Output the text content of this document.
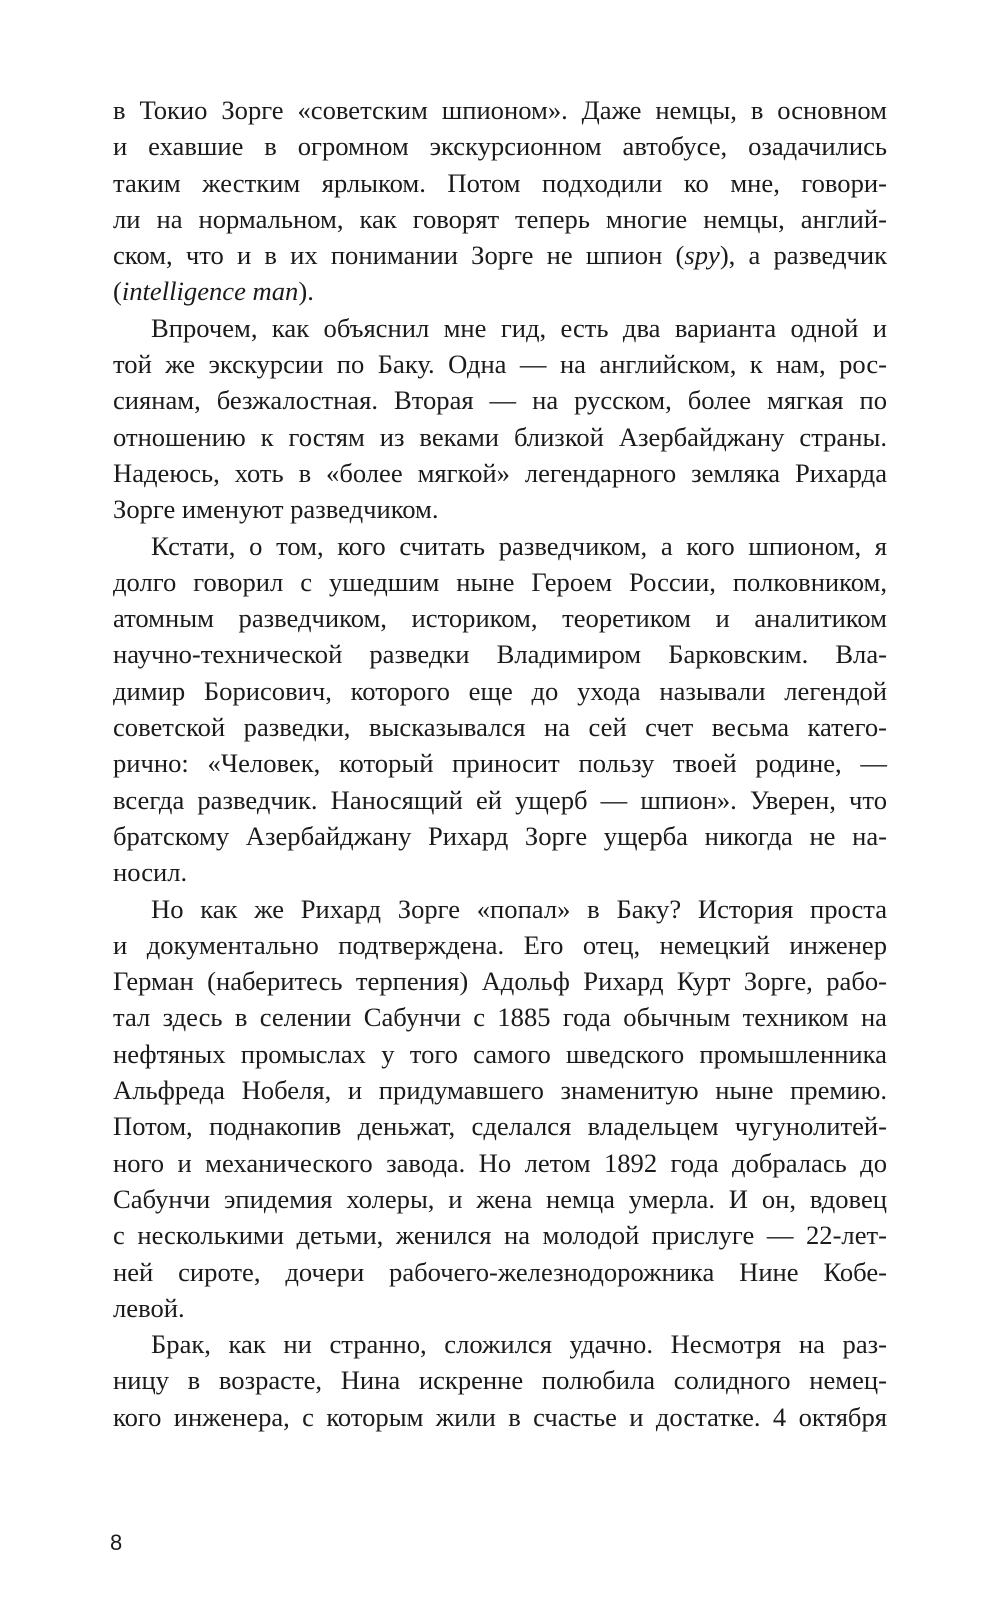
в Токио Зорге «советским шпионом». Даже немцы, в основном
и ехавшие в огромном экскурсионном автобусе, озадачились
таким жестким ярлыком. Потом подходили ко мне, говори-
ли на нормальном, как говорят теперь многие немцы, англий-
ском, что и в их понимании Зорге не шпион (spy), а разведчик
(intelligence man).
Впрочем, как объяснил мне гид, есть два варианта одной и
той же экскурсии по Баку. Одна — на английском, к нам, рос-
сиянам, безжалостная. Вторая — на русском, более мягкая по
отношению к гостям из веками близкой Азербайджану страны.
Надеюсь, хоть в «более мягкой» легендарного земляка Рихарда
Зорге именуют разведчиком.
Кстати, о том, кого считать разведчиком, а кого шпионом, я
долго говорил с ушедшим ныне Героем России, полковником,
атомным разведчиком, историком, теоретиком и аналитиком
научно-технической разведки Владимиром Барковским. Вла-
димир Борисович, которого еще до ухода называли легендой
советской разведки, высказывался на сей счет весьма катего-
рично: «Человек, который приносит пользу твоей родине, —
всегда разведчик. Наносящий ей ущерб — шпион». Уверен, что
братскому Азербайджану Рихард Зорге ущерба никогда не на-
носил.
Но как же Рихард Зорге «попал» в Баку? История проста
и документально подтверждена. Его отец, немецкий инженер
Герман (наберитесь терпения) Адольф Рихард Курт Зорге, рабо-
тал здесь в селении Сабунчи с 1885 года обычным техником на
нефтяных промыслах у того самого шведского промышленника
Альфреда Нобеля, и придумавшего знаменитую ныне премию.
Потом, поднакопив деньжат, сделался владельцем чугунолитей-
ного и механического завода. Но летом 1892 года добралась до
Сабунчи эпидемия холеры, и жена немца умерла. И он, вдовец
с несколькими детьми, женился на молодой прислуге — 22-лет-
ней сироте, дочери рабочего-железнодорожника Нине Кобе-
левой.
Брак, как ни странно, сложился удачно. Несмотря на раз-
ницу в возрасте, Нина искренне полюбила солидного немец-
кого инженера, с которым жили в счастье и достатке. 4 октября
8
